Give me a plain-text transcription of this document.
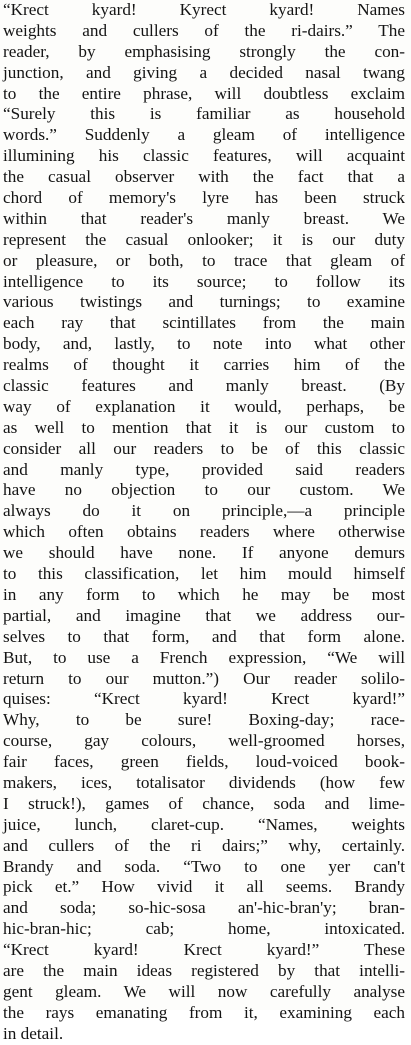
“Krect kyard! Kyrect kyard! Names
weights and cullers of the ri-dairs.” The
reader, by emphasising strongly the con-
junction, and giving a decided nasal twang
to the entire phrase, will doubtless exclaim
“Surely this is familiar as household
words.” Suddenly a gleam of intelligence
illumining his classic features, will acquaint
the casual observer with the fact that a
chord of memory's lyre has been struck
within that reader's manly breast. We
represent the casual onlooker; it is our duty
or pleasure, or both, to trace that gleam of
intelligence to its source; to follow its
various twistings and turnings; to examine
each ray that scintillates from the main
body, and, lastly, to note into what other
realms of thought it carries him of the
classic features and manly breast. (By
way of explanation it would, perhaps, be
as well to mention that it is our custom to
consider all our readers to be of this classic
and manly type, provided said readers
have no objection to our custom. We
always do it on principle,—a principle
which often obtains readers where otherwise
we should have none. If anyone demurs
to this classification, let him mould himself
in any form to which he may be most
partial, and imagine that we address our-
selves to that form, and that form alone.
But, to use a French expression, “We will
return to our mutton.”) Our reader solilo-
quises: “Krect kyard! Krect kyard!”
Why, to be sure! Boxing-day; race-
course, gay colours, well-groomed horses,
fair faces, green fields, loud-voiced book-
makers, ices, totalisator dividends (how few
I struck!), games of chance, soda and lime-
juice, lunch, claret-cup. “Names, weights
and cullers of the ri dairs;” why, certainly.
Brandy and soda. “Two to one yer can't
pick et.” How vivid it all seems. Brandy
and soda; so-hic-sosa an'-hic-bran'y; bran-
hic-bran-hic; cab; home, intoxicated.
“Krect kyard! Krect kyard!” These
are the main ideas registered by that intelli-
gent gleam. We will now carefully analyse
the rays emanating from it, examining each
in detail.
